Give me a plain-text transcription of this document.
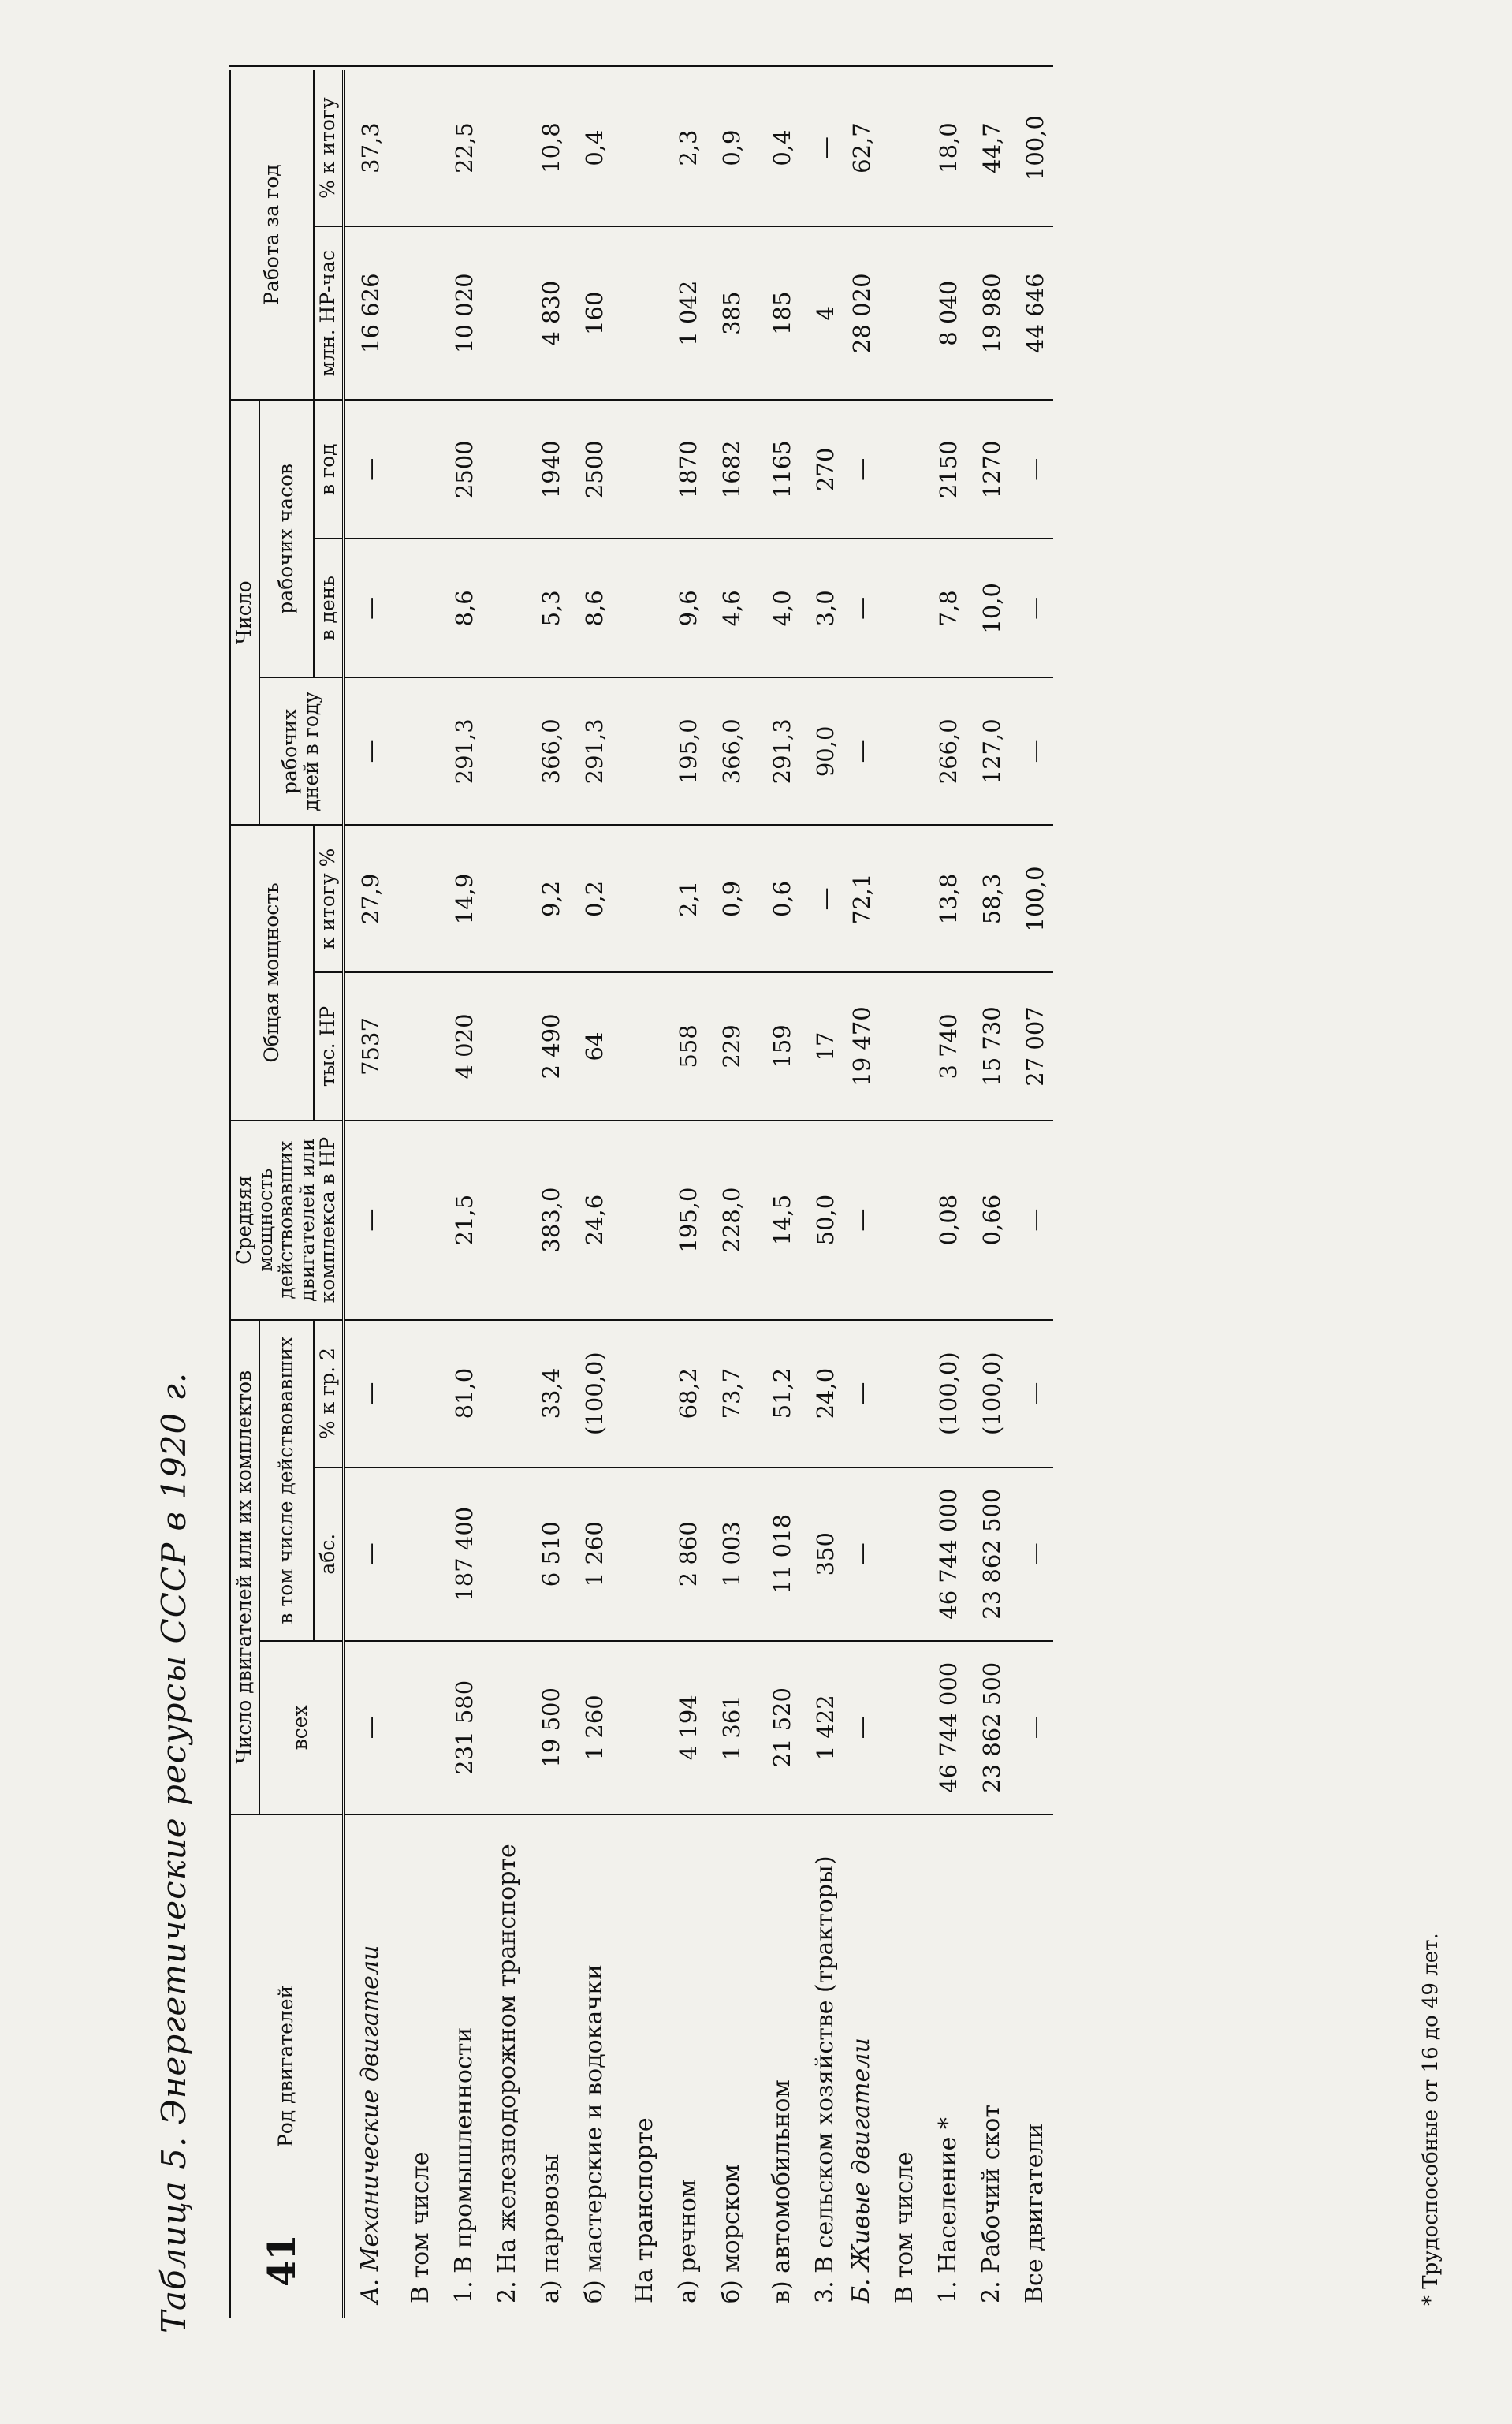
Таблица 5. Энергетические ресурсы СССР в 1920 г.	Род двигателей	Число двигателей или их комплектов			Средняя мощность действовавших двигателей или комплекса в НР	Общая мощность		Число			Работа за год	
	всех	в том числе действовавших					рабочих дней в году	рабочих часов			
		абс.	% к гр. 2		тыс. НР	к итогу %		в день	в год	млн. НР-час	% к итогу
A. Механические двигатели	—	—	—	—	7537	27,9	—	—	—	16 626	37,3
В том числе											
1. В промышленности	231 580	187 400	81,0	21,5	4 020	14,9	291,3	8,6	2500	10 020	22,5
2. На железнодорожном транспорте											
а) паровозы	19 500	6 510	33,4	383,0	2 490	9,2	366,0	5,3	1940	4 830	10,8
б) мастерские и водокачки	1 260	1 260	(100,0)	24,6	64	0,2	291,3	8,6	2500	160	0,4
На транспорте											
а) речном	4 194	2 860	68,2	195,0	558	2,1	195,0	9,6	1870	1 042	2,3
б) морском	1 361	1 003	73,7	228,0	229	0,9	366,0	4,6	1682	385	0,9
в) автомобильном	21 520	11 018	51,2	14,5	159	0,6	291,3	4,0	1165	185	0,4
3. В сельском хозяйстве (тракторы)	1 422	350	24,0	50,0	17	—	90,0	3,0	270	4	—
Б. Живые двигатели	—	—	—	—	19 470	72,1	—	—	—	28 020	62,7
В том числе											
1. Население *	46 744 000	46 744 000	(100,0)	0,08	3 740	13,8	266,0	7,8	2150	8 040	18,0
2. Рабочий скот	23 862 500	23 862 500	(100,0)	0,66	15 730	58,3	127,0	10,0	1270	19 980	44,7
Все двигатели	—	—	—	—	27 007	100,0	—	—	—	44 646	100,0
* Трудоспособные от 16 до 49 лет.
41
